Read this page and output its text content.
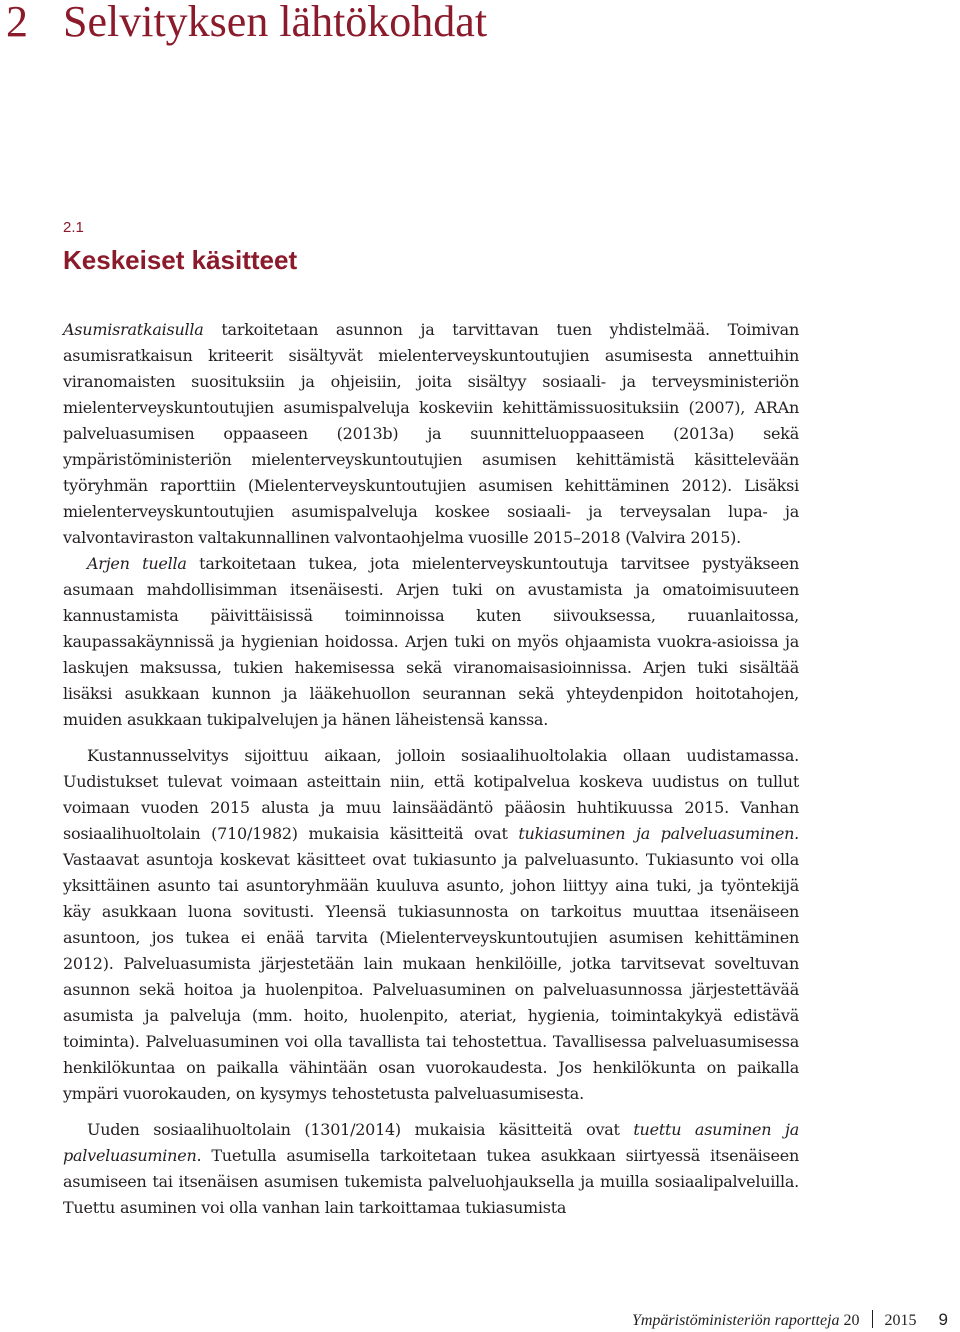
2 Selvityksen lähtökohdat
2.1
Keskeiset käsitteet

Asumisratkaisulla tarkoitetaan asunnon ja tarvittavan tuen yhdistelmää. Toimivan asumisratkaisun kriteerit sisältyvät mielenterveyskuntoutujien asumisesta annettuihin viranomaisten suosituksiin ja ohjeisiin, joita sisältyy sosiaali- ja terveysministeriön mielenterveyskuntoutujien asumispalveluja koskeviin kehittämissuosituksiin (2007), ARAn palveluasumisen oppaaseen (2013b) ja suunnitteluoppaaseen (2013a) sekä ympäristöministeriön mielenterveyskuntoutujien asumisen kehittämistä käsittelevään työryhmän raporttiin (Mielenterveyskuntoutujien asumisen kehittäminen 2012). Lisäksi mielenterveyskuntoutujien asumispalveluja koskee sosiaali- ja terveysalan lupa- ja valvontaviraston valtakunnallinen valvontaohjelma vuosille 2015–2018 (Valvira 2015).

Arjen tuella tarkoitetaan tukea, jota mielenterveyskuntoutuja tarvitsee pystyäkseen asumaan mahdollisimman itsenäisesti. Arjen tuki on avustamista ja omatoimisuuteen kannustamista päivittäisissä toiminnoissa kuten siivouksessa, ruuanlaitossa, kaupassakäynnissä ja hygienian hoidossa. Arjen tuki on myös ohjaamista vuokra-asioissa ja laskujen maksussa, tukien hakemisessa sekä viranomaisasioinnissa. Arjen tuki sisältää lisäksi asukkaan kunnon ja lääkehuollon seurannan sekä yhteydenpidon hoitotahojen, muiden asukkaan tukipalvelujen ja hänen läheistensä kanssa.

Kustannusselvitys sijoittuu aikaan, jolloin sosiaalihuoltolakia ollaan uudistamassa. Uudistukset tulevat voimaan asteittain niin, että kotipalvelua koskeva uudistus on tullut voimaan vuoden 2015 alusta ja muu lainsäädäntö pääosin huhtikuussa 2015. Vanhan sosiaalihuoltolain (710/1982) mukaisia käsitteitä ovat tukiasuminen ja palveluasuminen. Vastaavat asuntoja koskevat käsitteet ovat tukiasunto ja palveluasunto. Tukiasunto voi olla yksittäinen asunto tai asuntoryhmään kuuluva asunto, johon liittyy aina tuki, ja työntekijä käy asukkaan luona sovitusti. Yleensä tukiasunnosta on tarkoitus muuttaa itsenäiseen asuntoon, jos tukea ei enää tarvita (Mielenterveyskuntoutujien asumisen kehittäminen 2012). Palveluasumista järjestetään lain mukaan henkilöille, jotka tarvitsevat soveltuvan asunnon sekä hoitoa ja huolenpitoa. Palveluasuminen on palveluasunnossa järjestettävää asumista ja palveluja (mm. hoito, huolenpito, ateriat, hygienia, toimintakykyä edistävä toiminta). Palveluasuminen voi olla tavallista tai tehostettua. Tavallisessa palveluasumisessa henkilökuntaa on paikalla vähintään osan vuorokaudesta. Jos henkilökunta on paikalla ympäri vuorokauden, on kysymys tehostetusta palveluasumisesta.

Uuden sosiaalihuoltolain (1301/2014) mukaisia käsitteitä ovat tuettu asuminen ja palveluasuminen. Tuetulla asumisella tarkoitetaan tukea asukkaan siirtyessä itsenäiseen asumiseen tai itsenäisen asumisen tukemista palveluohjauksella ja muilla sosiaalipalveluilla. Tuettu asuminen voi olla vanhan lain tarkoittamaa tukiasumista

Ympäristöministeriön raportteja 20 2015 9
